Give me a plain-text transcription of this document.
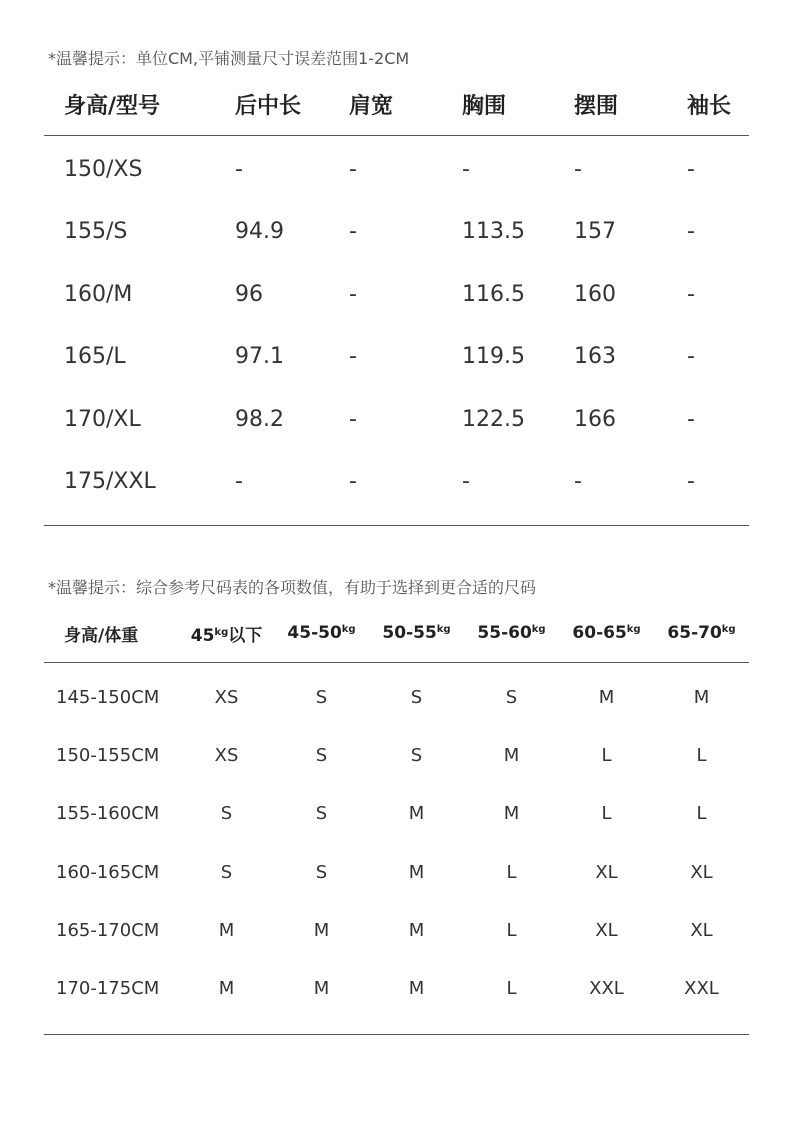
*温馨提示：单位CM,平铺测量尺寸误差范围1-2CM
身高/型号	后中长	肩宽	胸围	摆围	袖长
150/XS	-	-	-	-	-
155/S	94.9	-	113.5	157	-
160/M	96	-	116.5	160	-
165/L	97.1	-	119.5	163	-
170/XL	98.2	-	122.5	166	-
175/XXL	-	-	-	-	-
*温馨提示：综合参考尺码表的各项数值，有助于选择到更合适的尺码
身高/体重	$45^{kg}$以下	$45-50^{kg}$	$50-55^{kg}$	$55-60^{kg}$	$60-65^{kg}$	$65-70^{kg}$
145-150CM	XS	S	S	S	M	M
150-155CM	XS	S	S	M	L	L
155-160CM	S	S	M	M	L	L
160-165CM	S	S	M	L	XL	XL
165-170CM	M	M	M	L	XL	XL
170-175CM	M	M	M	L	XXL	XXL
